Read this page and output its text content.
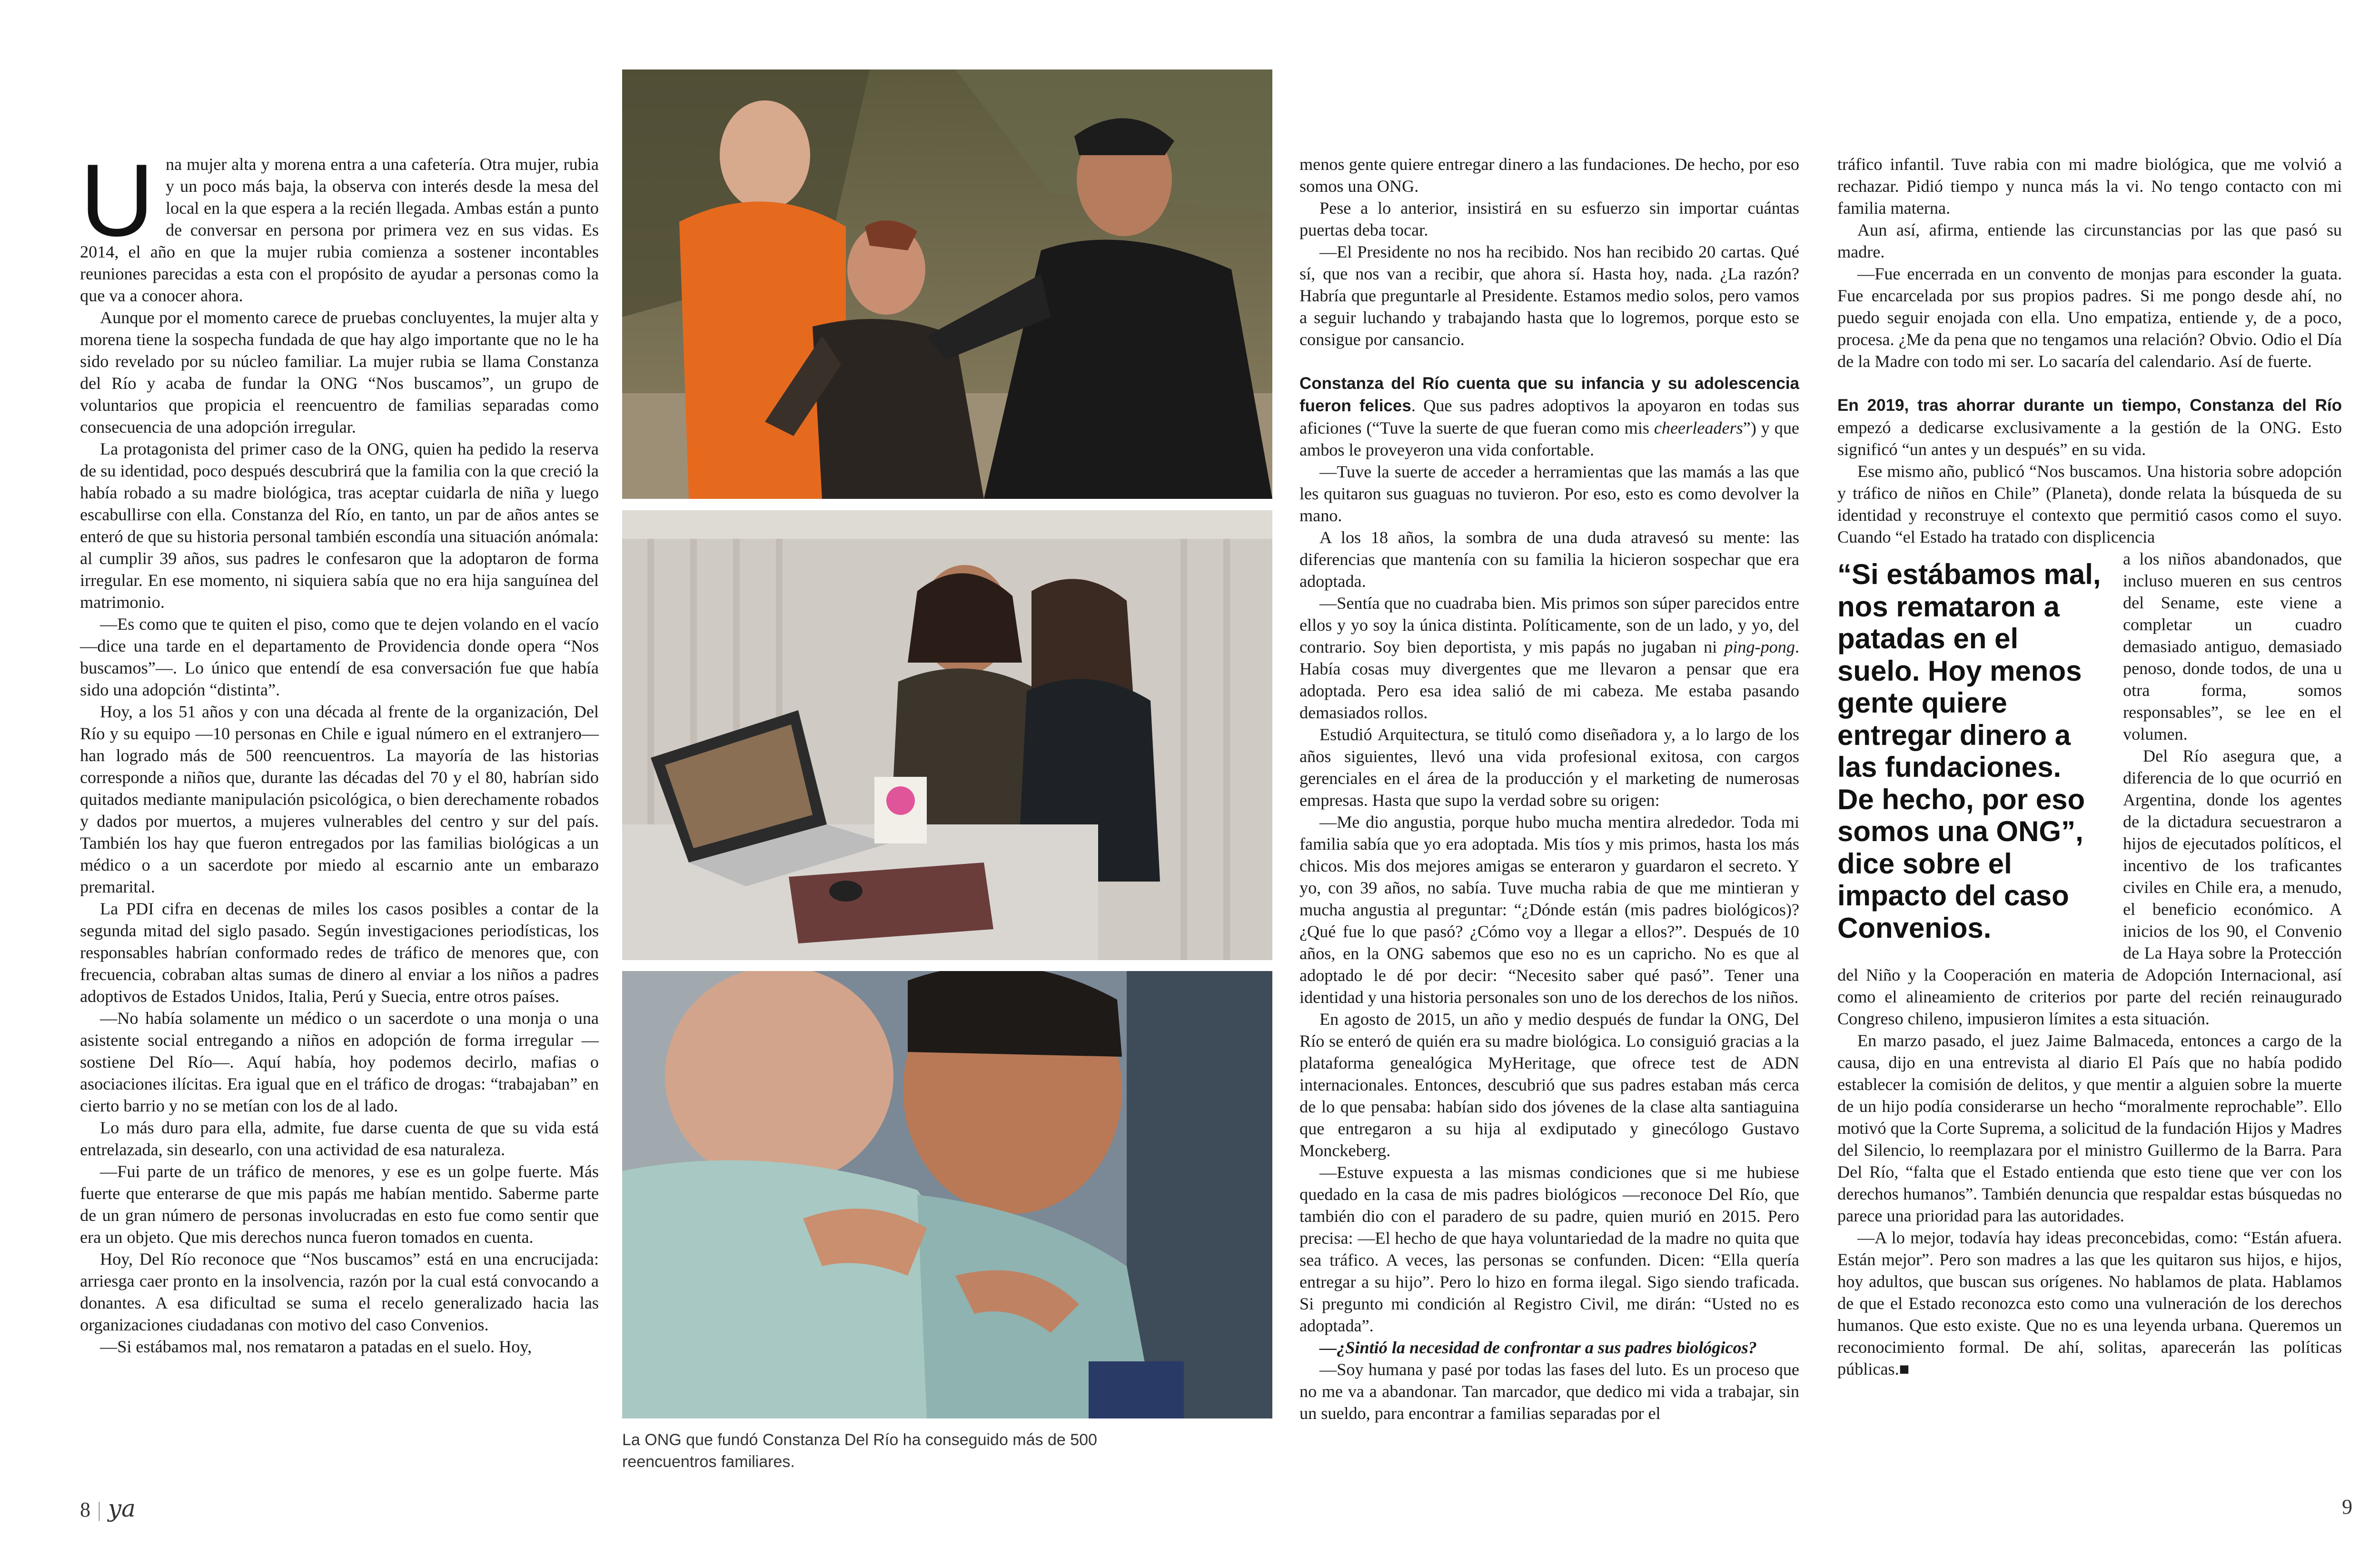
Una mujer alta y morena entra a una cafetería. Otra mujer, rubia y un poco más baja, la observa con interés desde la mesa del local en la que espera a la recién llegada. Ambas están a punto de conversar en persona por primera vez en sus vidas. Es 2014, el año en que la mujer rubia comienza a sostener incontables reuniones parecidas a esta con el propósito de ayudar a personas como la que va a conocer ahora.

Aunque por el momento carece de pruebas concluyentes, la mujer alta y morena tiene la sospecha fundada de que hay algo importante que no le ha sido revelado por su núcleo familiar. La mujer rubia se llama Constanza del Río y acaba de fundar la ONG “Nos buscamos”, un grupo de voluntarios que propicia el reencuentro de familias separadas como consecuencia de una adopción irregular.

La protagonista del primer caso de la ONG, quien ha pedido la reserva de su identidad, poco después descubrirá que la familia con la que creció la había robado a su madre biológica, tras aceptar cuidarla de niña y luego escabullirse con ella. Constanza del Río, en tanto, un par de años antes se enteró de que su historia personal también escondía una situación anómala: al cumplir 39 años, sus padres le confesaron que la adoptaron de forma irregular. En ese momento, ni siquiera sabía que no era hija sanguínea del matrimonio.

—Es como que te quiten el piso, como que te dejen volando en el vacío —dice una tarde en el departamento de Providencia donde opera “Nos buscamos”—. Lo único que entendí de esa conversación fue que había sido una adopción “distinta”.

Hoy, a los 51 años y con una década al frente de la organización, Del Río y su equipo —10 personas en Chile e igual número en el extranjero— han logrado más de 500 reencuentros. La mayoría de las historias corresponde a niños que, durante las décadas del 70 y el 80, habrían sido quitados mediante manipulación psicológica, o bien derechamente robados y dados por muertos, a mujeres vulnerables del centro y sur del país. También los hay que fueron entregados por las familias biológicas a un médico o a un sacerdote por miedo al escarnio ante un embarazo premarital.

La PDI cifra en decenas de miles los casos posibles a contar de la segunda mitad del siglo pasado. Según investigaciones periodísticas, los responsables habrían conformado redes de tráfico de menores que, con frecuencia, cobraban altas sumas de dinero al enviar a los niños a padres adoptivos de Estados Unidos, Italia, Perú y Suecia, entre otros países.

—No había solamente un médico o un sacerdote o una monja o una asistente social entregando a niños en adopción de forma irregular —sostiene Del Río—. Aquí había, hoy podemos decirlo, mafias o asociaciones ilícitas. Era igual que en el tráfico de drogas: “trabajaban” en cierto barrio y no se metían con los de al lado.

Lo más duro para ella, admite, fue darse cuenta de que su vida está entrelazada, sin desearlo, con una actividad de esa naturaleza.

—Fui parte de un tráfico de menores, y ese es un golpe fuerte. Más fuerte que enterarse de que mis papás me habían mentido. Saberme parte de un gran número de personas involucradas en esto fue como sentir que era un objeto. Que mis derechos nunca fueron tomados en cuenta.

Hoy, Del Río reconoce que “Nos buscamos” está en una encrucijada: arriesga caer pronto en la insolvencia, razón por la cual está convocando a donantes. A esa dificultad se suma el recelo generalizado hacia las organizaciones ciudadanas con motivo del caso Convenios.

—Si estábamos mal, nos remataron a patadas en el suelo. Hoy,

La ONG que fundó Constanza Del Río ha conseguido más de 500 reencuentros familiares.

menos gente quiere entregar dinero a las fundaciones. De hecho, por eso somos una ONG.

Pese a lo anterior, insistirá en su esfuerzo sin importar cuántas puertas deba tocar.

—El Presidente no nos ha recibido. Nos han recibido 20 cartas. Qué sí, que nos van a recibir, que ahora sí. Hasta hoy, nada. ¿La razón? Habría que preguntarle al Presidente. Estamos medio solos, pero vamos a seguir luchando y trabajando hasta que lo logremos, porque esto se consigue por cansancio.

Constanza del Río cuenta que su infancia y su adolescencia fueron felices. Que sus padres adoptivos la apoyaron en todas sus aficiones (“Tuve la suerte de que fueran como mis cheerleaders”) y que ambos le proveyeron una vida confortable.

—Tuve la suerte de acceder a herramientas que las mamás a las que les quitaron sus guaguas no tuvieron. Por eso, esto es como devolver la mano.

A los 18 años, la sombra de una duda atravesó su mente: las diferencias que mantenía con su familia la hicieron sospechar que era adoptada.

—Sentía que no cuadraba bien. Mis primos son súper parecidos entre ellos y yo soy la única distinta. Políticamente, son de un lado, y yo, del contrario. Soy bien deportista, y mis papás no jugaban ni ping-pong. Había cosas muy divergentes que me llevaron a pensar que era adoptada. Pero esa idea salió de mi cabeza. Me estaba pasando demasiados rollos.

Estudió Arquitectura, se tituló como diseñadora y, a lo largo de los años siguientes, llevó una vida profesional exitosa, con cargos gerenciales en el área de la producción y el marketing de numerosas empresas. Hasta que supo la verdad sobre su origen:

—Me dio angustia, porque hubo mucha mentira alrededor. Toda mi familia sabía que yo era adoptada. Mis tíos y mis primos, hasta los más chicos. Mis dos mejores amigas se enteraron y guardaron el secreto. Y yo, con 39 años, no sabía. Tuve mucha rabia de que me mintieran y mucha angustia al preguntar: “¿Dónde están (mis padres biológicos)? ¿Qué fue lo que pasó? ¿Cómo voy a llegar a ellos?”. Después de 10 años, en la ONG sabemos que eso no es un capricho. No es que al adoptado le dé por decir: “Necesito saber qué pasó”. Tener una identidad y una historia personales son uno de los derechos de los niños.

En agosto de 2015, un año y medio después de fundar la ONG, Del Río se enteró de quién era su madre biológica. Lo consiguió gracias a la plataforma genealógica MyHeritage, que ofrece test de ADN internacionales. Entonces, descubrió que sus padres estaban más cerca de lo que pensaba: habían sido dos jóvenes de la clase alta santiaguina que entregaron a su hija al exdiputado y ginecólogo Gustavo Monckeberg.

—Estuve expuesta a las mismas condiciones que si me hubiese quedado en la casa de mis padres biológicos —reconoce Del Río, que también dio con el paradero de su padre, quien murió en 2015. Pero precisa: —El hecho de que haya voluntariedad de la madre no quita que sea tráfico. A veces, las personas se confunden. Dicen: “Ella quería entregar a su hijo”. Pero lo hizo en forma ilegal. Sigo siendo traficada. Si pregunto mi condición al Registro Civil, me dirán: “Usted no es adoptada”.

—¿Sintió la necesidad de confrontar a sus padres biológicos?

—Soy humana y pasé por todas las fases del luto. Es un proceso que no me va a abandonar. Tan marcador, que dedico mi vida a trabajar, sin un sueldo, para encontrar a familias separadas por el

tráfico infantil. Tuve rabia con mi madre biológica, que me volvió a rechazar. Pidió tiempo y nunca más la vi. No tengo contacto con mi familia materna.

Aun así, afirma, entiende las circunstancias por las que pasó su madre.

—Fue encerrada en un convento de monjas para esconder la guata. Fue encarcelada por sus propios padres. Si me pongo desde ahí, no puedo seguir enojada con ella. Uno empatiza, entiende y, de a poco, procesa. ¿Me da pena que no tengamos una relación? Obvio. Odio el Día de la Madre con todo mi ser. Lo sacaría del calendario. Así de fuerte.

En 2019, tras ahorrar durante un tiempo, Constanza del Río empezó a dedicarse exclusivamente a la gestión de la ONG. Esto significó “un antes y un después” en su vida.

Ese mismo año, publicó “Nos buscamos. Una historia sobre adopción y tráfico de niños en Chile” (Planeta), donde relata la búsqueda de su identidad y reconstruye el contexto que permitió casos como el suyo. Cuando “el Estado ha tratado con displicencia

“Si estábamos mal, nos remataron a patadas en el suelo. Hoy menos gente quiere entregar dinero a las fundaciones. De hecho, por eso somos una ONG”, dice sobre el impacto del caso Convenios.

a los niños abandonados, que incluso mueren en sus centros del Sename, este viene a completar un cuadro demasiado antiguo, demasiado penoso, donde todos, de una u otra forma, somos responsables”, se lee en el volumen.

Del Río asegura que, a diferencia de lo que ocurrió en Argentina, donde los agentes de la dictadura secuestraron a hijos de ejecutados políticos, el incentivo de los traficantes civiles en Chile era, a menudo, el beneficio económico. A inicios de los 90, el Convenio de La Haya sobre la Protección del Niño y la Cooperación en materia de Adopción Internacional, así como el alineamiento de criterios por parte del recién reinaugurado Congreso chileno, impusieron límites a esta situación.

En marzo pasado, el juez Jaime Balmaceda, entonces a cargo de la causa, dijo en una entrevista al diario El País que no había podido establecer la comisión de delitos, y que mentir a alguien sobre la muerte de un hijo podía considerarse un hecho “moralmente reprochable”. Ello motivó que la Corte Suprema, a solicitud de la fundación Hijos y Madres del Silencio, lo reemplazara por el ministro Guillermo de la Barra. Para Del Río, “falta que el Estado entienda que esto tiene que ver con los derechos humanos”. También denuncia que respaldar estas búsquedas no parece una prioridad para las autoridades.

—A lo mejor, todavía hay ideas preconcebidas, como: “Están afuera. Están mejor”. Pero son madres a las que les quitaron sus hijos, e hijos, hoy adultos, que buscan sus orígenes. No hablamos de plata. Hablamos de que el Estado reconozca esto como una vulneración de los derechos humanos. Que esto existe. Que no es una leyenda urbana. Queremos un reconocimiento formal. De ahí, solitas, aparecerán las políticas públicas.■

8 | ya	9
